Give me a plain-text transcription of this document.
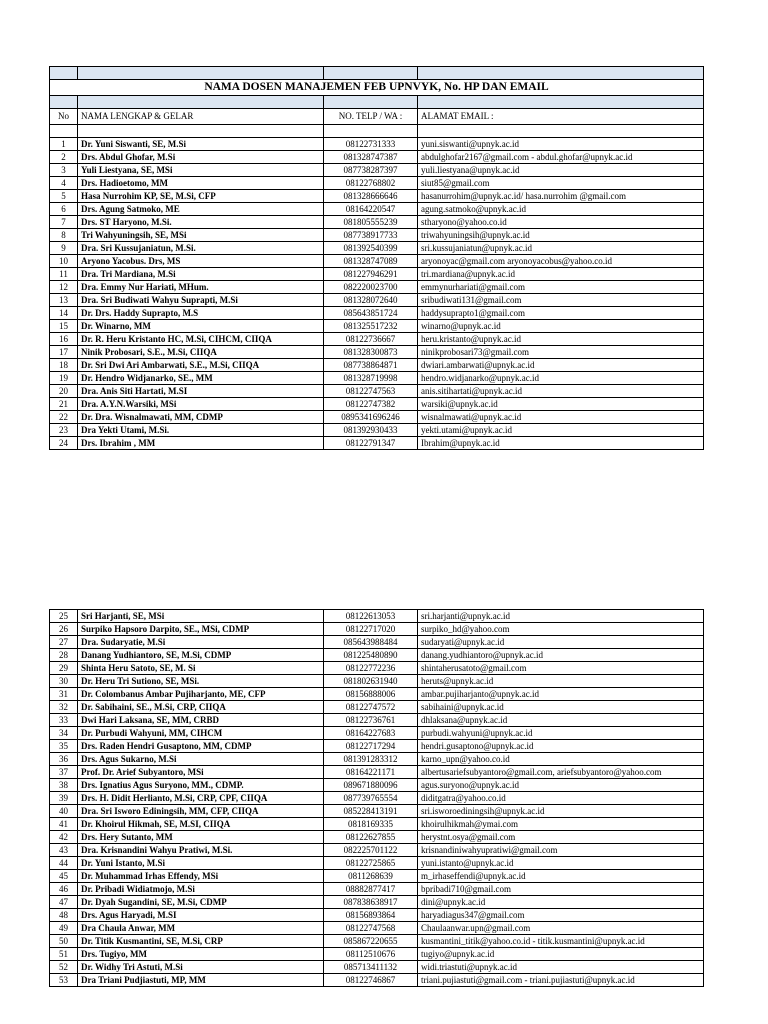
NAMA DOSEN MANAJEMEN FEB UPNVYK, No. HP DAN EMAIL			

No	NAMA LENGKAP & GELAR	NO. TELP / WA :	ALAMAT EMAIL :

1	Dr. Yuni Siswanti, SE, M.Si	08122731333	yuni.siswanti@upnyk.ac.id
2	Drs. Abdul Ghofar, M.Si	081328747387	abdulghofar2167@gmail.com - abdul.ghofar@upnyk.ac.id
3	Yuli Liestyana, SE, MSi	087738287397	yuli.liestyana@upnyk.ac.id
4	Drs. Hadioetomo, MM	08122768802	siut85@gmail.com
5	Hasa Nurrohim KP, SE, M.Si, CFP	081328666646	hasanurrohim@upnyk.ac.id/ hasa.nurrohim @gmail.com
6	Drs. Agung Satmoko, ME	08164220547	agung.satmoko@upnyk.ac.id
7	Drs. ST Haryono, M.Si.	081805555239	stharyono@yahoo.co.id
8	Tri Wahyuningsih, SE, MSi	087738917733	triwahyuningsih@upnyk.ac.id
9	Dra. Sri Kussujaniatun, M.Si.	081392540399	sri.kussujaniatun@upnyk.ac.id
10	Aryono Yacobus. Drs, MS	081328747089	aryonoyac@gmail.com aryonoyacobus@yahoo.co.id
11	Dra. Tri Mardiana, M.Si	081227946291	tri.mardiana@upnyk.ac.id
12	Dra. Emmy Nur Hariati, MHum.	082220023700	emmynurhariati@gmail.com
13	Dra. Sri Budiwati Wahyu Suprapti, M.Si	081328072640	sribudiwati131@gmail.com
14	Dr. Drs. Haddy Suprapto, M.S	085643851724	haddysuprapto1@gmail.com
15	Dr. Winarno, MM	081325517232	winarno@upnyk.ac.id
16	Dr. R. Heru Kristanto HC, M.Si, CIHCM, CIIQA	08122736667	heru.kristanto@upnyk.ac.id
17	Ninik Probosari, S.E., M.Si, CIIQA	081328300873	ninikprobosari73@gmail.com
18	Dr. Sri Dwi Ari Ambarwati, S.E., M.Si, CIIQA	087738864871	dwiari.ambarwati@upnyk.ac.id
19	Dr. Hendro Widjanarko, SE., MM	081328719998	hendro.widjanarko@upnyk.ac.id
20	Dra. Anis Siti Hartati, M.SI	08122747563	anis.sitihartati@upnyk.ac.id
21	Dra. A.Y.N.Warsiki, MSi	08122747382	warsiki@upnyk.ac.id
22	Dr. Dra. Wisnalmawati, MM, CDMP	0895341696246	wisnalmawati@upnyk.ac.id
23	Dra Yekti Utami, M.Si.	081392930433	yekti.utami@upnyk.ac.id
24	Drs. Ibrahim , MM	08122791347	Ibrahim@upnyk.ac.id
25	Sri Harjanti, SE, MSi	08122613053	sri.harjanti@upnyk.ac.id
26	Surpiko Hapsoro Darpito, SE., MSi, CDMP	08122717020	surpiko_hd@yahoo.com
27	Dra. Sudaryatie, M.Si	085643988484	sudaryati@upnyk.ac.id
28	Danang Yudhiantoro, SE, M.Si, CDMP	081225480890	danang.yudhiantoro@upnyk.ac.id
29	Shinta Heru Satoto, SE, M. Si	08122772236	shintaherusatoto@gmail.com
30	Dr. Heru Tri Sutiono, SE, MSi.	081802631940	heruts@upnyk.ac.id
31	Dr. Colombanus Ambar Pujiharjanto, ME, CFP	08156888006	ambar.pujiharjanto@upnyk.ac.id
32	Dr. Sabihaini, SE., M.Si, CRP, CIIQA	08122747572	sabihaini@upnyk.ac.id
33	Dwi Hari Laksana, SE, MM, CRBD	08122736761	dhlaksana@upnyk.ac.id
34	Dr. Purbudi Wahyuni, MM, CIHCM	08164227683	purbudi.wahyuni@upnyk.ac.id
35	Drs. Raden Hendri Gusaptono, MM, CDMP	08122717294	hendri.gusaptono@upnyk.ac.id
36	Drs. Agus Sukarno, M.Si	081391283312	karno_upn@yahoo.co.id
37	Prof. Dr. Arief Subyantoro, MSi	08164221171	albertusariefsubyantoro@gmail.com, ariefsubyantoro@yahoo.com
38	Drs. Ignatius Agus Suryono, MM., CDMP.	089671880096	agus.suryono@upnyk.ac.id
39	Drs. H. Didit Herlianto, M.Si, CRP, CPF, CIIQA	087739765554	diditgatra@yahoo.co.id
40	Dra. Sri Isworo Ediningsih, MM, CFP, CIIQA	085228413191	sri.isworoediningsih@upnyk.ac.id
41	Dr. Khoirul Hikmah, SE, M.SI, CIIQA	0818169335	khoirulhikmah@ymai.com
42	Drs. Hery Sutanto, MM	08122627855	herystnt.osya@gmail.com
43	Dra. Krisnandini Wahyu Pratiwi, M.Si.	082225701122	krisnandiniwahyupratiwi@gmail.com
44	Dr. Yuni Istanto, M.Si	08122725865	yuni.istanto@upnyk.ac.id
45	Dr. Muhammad Irhas Effendy, MSi	0811268639	m_irhaseffendi@upnyk.ac.id
46	Dr. Pribadi Widiatmojo, M.Si	08882877417	bpribadi710@gmail.com
47	Dr. Dyah Sugandini, SE, M.Si, CDMP	087838638917	dini@upnyk.ac.id
48	Drs. Agus Haryadi, M.SI	08156893864	haryadiagus347@gmail.com
49	Dra Chaula Anwar, MM	08122747568	Chaulaanwar.upn@gmail.com
50	Dr. Titik Kusmantini, SE, M.Si, CRP	085867220655	kusmantini_titik@yahoo.co.id - titik.kusmantini@upnyk.ac.id
51	Drs. Tugiyo, MM	08112510676	tugiyo@upnyk.ac.id
52	Dr. Widhy Tri Astuti, M.Si	085713411132	widi.triastuti@upnyk.ac.id
53	Dra Triani Pudjiastuti, MP, MM	08122746867	triani.pujiastuti@gmail.com - triani.pujiastuti@upnyk.ac.id
